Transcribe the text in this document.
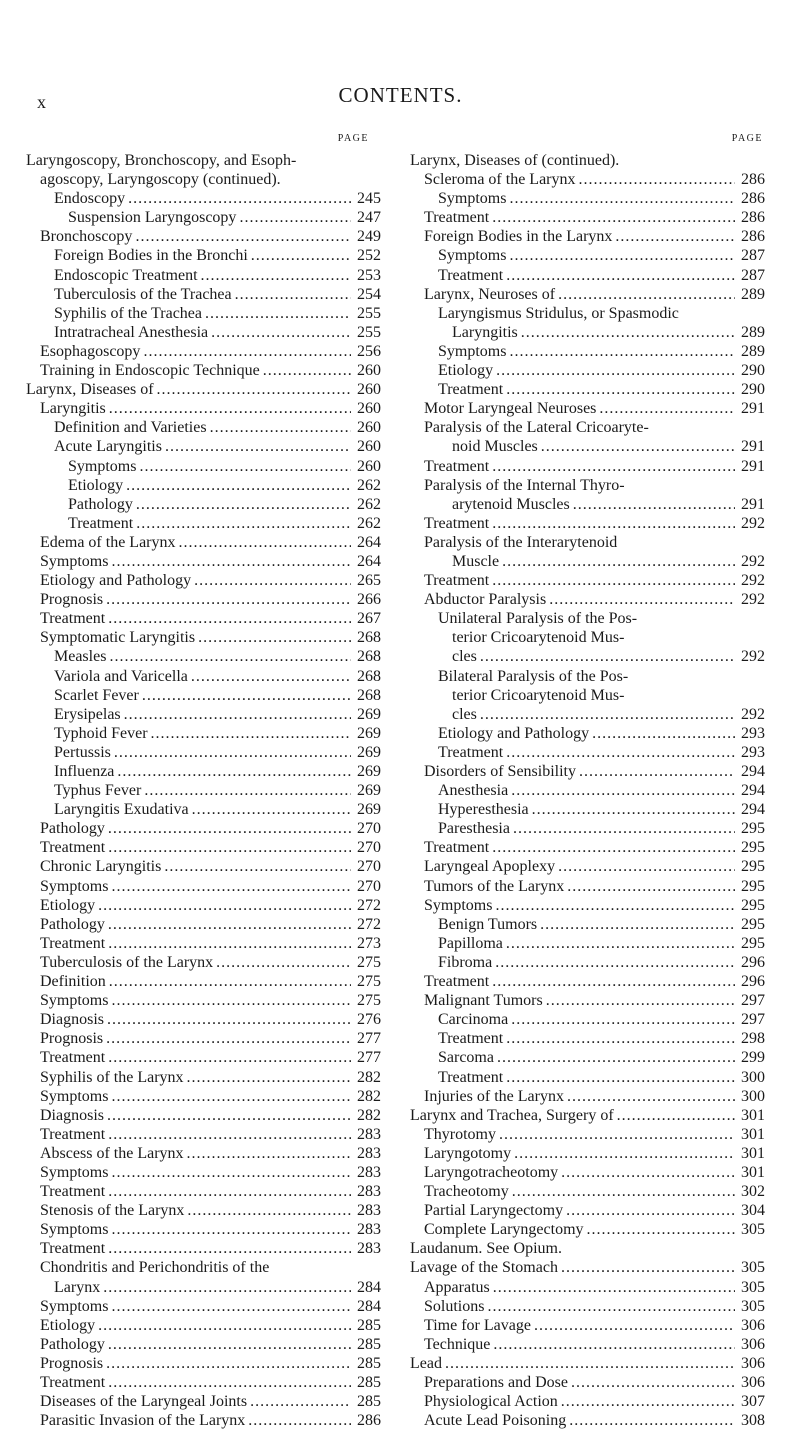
x	CONTENTS.
PAGE
Laryngoscopy, Bronchoscopy, and Esoph-
agoscopy, Laryngoscopy (continued).
Endoscopy .....	245
Suspension Laryngoscopy .....	247
Bronchoscopy .....	249
Foreign Bodies in the Bronchi .....	252
Endoscopic Treatment .....	253
Tuberculosis of the Trachea .....	254
Syphilis of the Trachea .....	255
Intratracheal Anesthesia .....	255
Esophagoscopy .....	256
Training in Endoscopic Technique .....	260
Larynx, Diseases of .....	260
Laryngitis .....	260
Definition and Varieties .....	260
Acute Laryngitis .....	260
Symptoms .....	260
Etiology .....	262
Pathology .....	262
Treatment .....	262
Edema of the Larynx .....	264
Symptoms .....	264
Etiology and Pathology .....	265
Prognosis .....	266
Treatment .....	267
Symptomatic Laryngitis .....	268
Measles .....	268
Variola and Varicella .....	268
Scarlet Fever .....	268
Erysipelas .....	269
Typhoid Fever .....	269
Pertussis .....	269
Influenza .....	269
Typhus Fever .....	269
Laryngitis Exudativa .....	269
Pathology .....	270
Treatment .....	270
Chronic Laryngitis .....	270
Symptoms .....	270
Etiology .....	272
Pathology .....	272
Treatment .....	273
Tuberculosis of the Larynx .....	275
Definition .....	275
Symptoms .....	275
Diagnosis .....	276
Prognosis .....	277
Treatment .....	277
Syphilis of the Larynx .....	282
Symptoms .....	282
Diagnosis .....	282
Treatment .....	283
Abscess of the Larynx .....	283
Symptoms .....	283
Treatment .....	283
Stenosis of the Larynx .....	283
Symptoms .....	283
Treatment .....	283
Chondritis and Perichondritis of the
Larynx .....	284
Symptoms .....	284
Etiology .....	285
Pathology .....	285
Prognosis .....	285
Treatment .....	285
Diseases of the Laryngeal Joints .....	285
Parasitic Invasion of the Larynx .....	286
PAGE
Larynx, Diseases of (continued).
Scleroma of the Larynx .....	286
Symptoms .....	286
Treatment .....	286
Foreign Bodies in the Larynx .....	286
Symptoms .....	287
Treatment .....	287
Larynx, Neuroses of .....	289
Laryngismus Stridulus, or Spasmodic
Laryngitis .....	289
Symptoms .....	289
Etiology .....	290
Treatment .....	290
Motor Laryngeal Neuroses .....	291
Paralysis of the Lateral Cricoaryte-
noid Muscles .....	291
Treatment .....	291
Paralysis of the Internal Thyro-
arytenoid Muscles .....	291
Treatment .....	292
Paralysis of the Interarytenoid
Muscle .....	292
Treatment .....	292
Abductor Paralysis .....	292
Unilateral Paralysis of the Pos-
terior Cricoarytenoid Mus-
cles .....	292
Bilateral Paralysis of the Pos-
terior Cricoarytenoid Mus-
cles .....	292
Etiology and Pathology .....	293
Treatment .....	293
Disorders of Sensibility .....	294
Anesthesia .....	294
Hyperesthesia .....	294
Paresthesia .....	295
Treatment .....	295
Laryngeal Apoplexy .....	295
Tumors of the Larynx .....	295
Symptoms .....	295
Benign Tumors .....	295
Papilloma .....	295
Fibroma .....	296
Treatment .....	296
Malignant Tumors .....	297
Carcinoma .....	297
Treatment .....	298
Sarcoma .....	299
Treatment .....	300
Injuries of the Larynx .....	300
Larynx and Trachea, Surgery of .....	301
Thyrotomy .....	301
Laryngotomy .....	301
Laryngotracheotomy .....	301
Tracheotomy .....	302
Partial Laryngectomy .....	304
Complete Laryngectomy .....	305
Laudanum. See Opium.
Lavage of the Stomach .....	305
Apparatus .....	305
Solutions .....	305
Time for Lavage .....	306
Technique .....	306
Lead .....	306
Preparations and Dose .....	306
Physiological Action .....	307
Acute Lead Poisoning .....	308
